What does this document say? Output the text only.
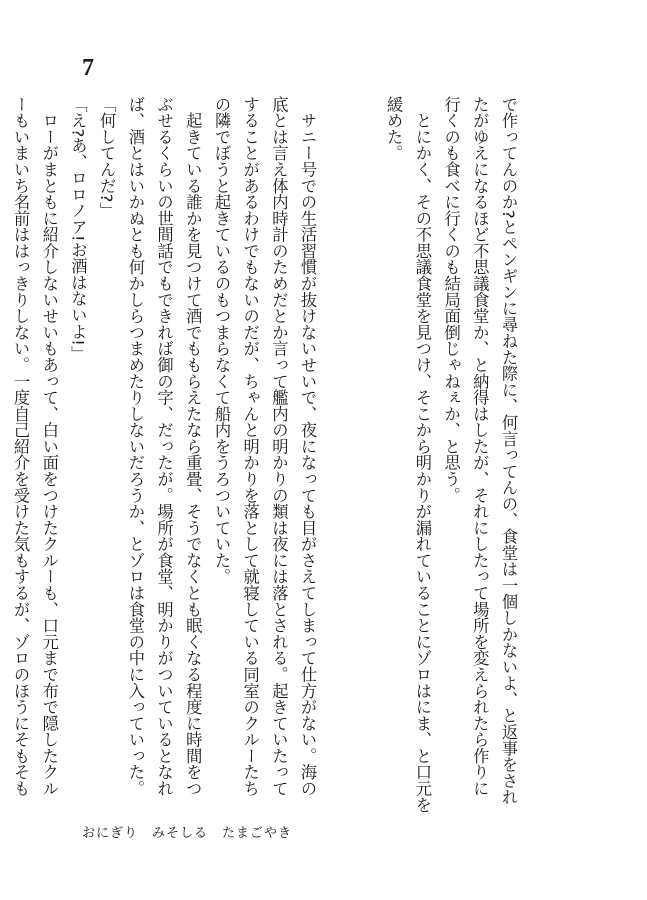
7

で作ってんのか?とペンギンに尋ねた際に、何言ってんの、食堂は一個しかないよ、と返事をされ

たがゆえになるほど不思議食堂か、と納得はしたが、それにしたって場所を変えられたら作りに

行くのも食べに行くのも結局面倒じゃねぇか、と思う。

　とにかく、その不思議食堂を見つけ、そこから明かりが漏れていることにゾロはにま、と口元を

緩めた。

　サニー号での生活習慣が抜けないせいで、夜になっても目がさえてしまって仕方がない。海の

底とは言え体内時計のためだとか言って艦内の明かりの類は夜には落とされる。起きていたって

することがあるわけでもないのだが、ちゃんと明かりを落として就寝している同室のクルーたち

の隣でぼうと起きているのもつまらなくて船内をうろついていた。

　起きている誰かを見つけて酒でももらえたなら重畳、そうでなくとも眠くなる程度に時間をつ

ぶせるくらいの世間話でもできれば御の字、だったが。場所が食堂、明かりがついているとなれ

ば、酒とはいかぬとも何かしらつまめたりしないだろうか、とゾロは食堂の中に入っていった。

「何してんだ?」

「え?あ、ロロノア!お酒はないよ!」

　ローがまともに紹介しないせいもあって、白い面をつけたクルーも、口元まで布で隠したクル

ーもいまいち名前ははっきりしない。一度自己紹介を受けた気もするが、ゾロのほうにそもそも

おにぎり　みそしる　たまごやき
